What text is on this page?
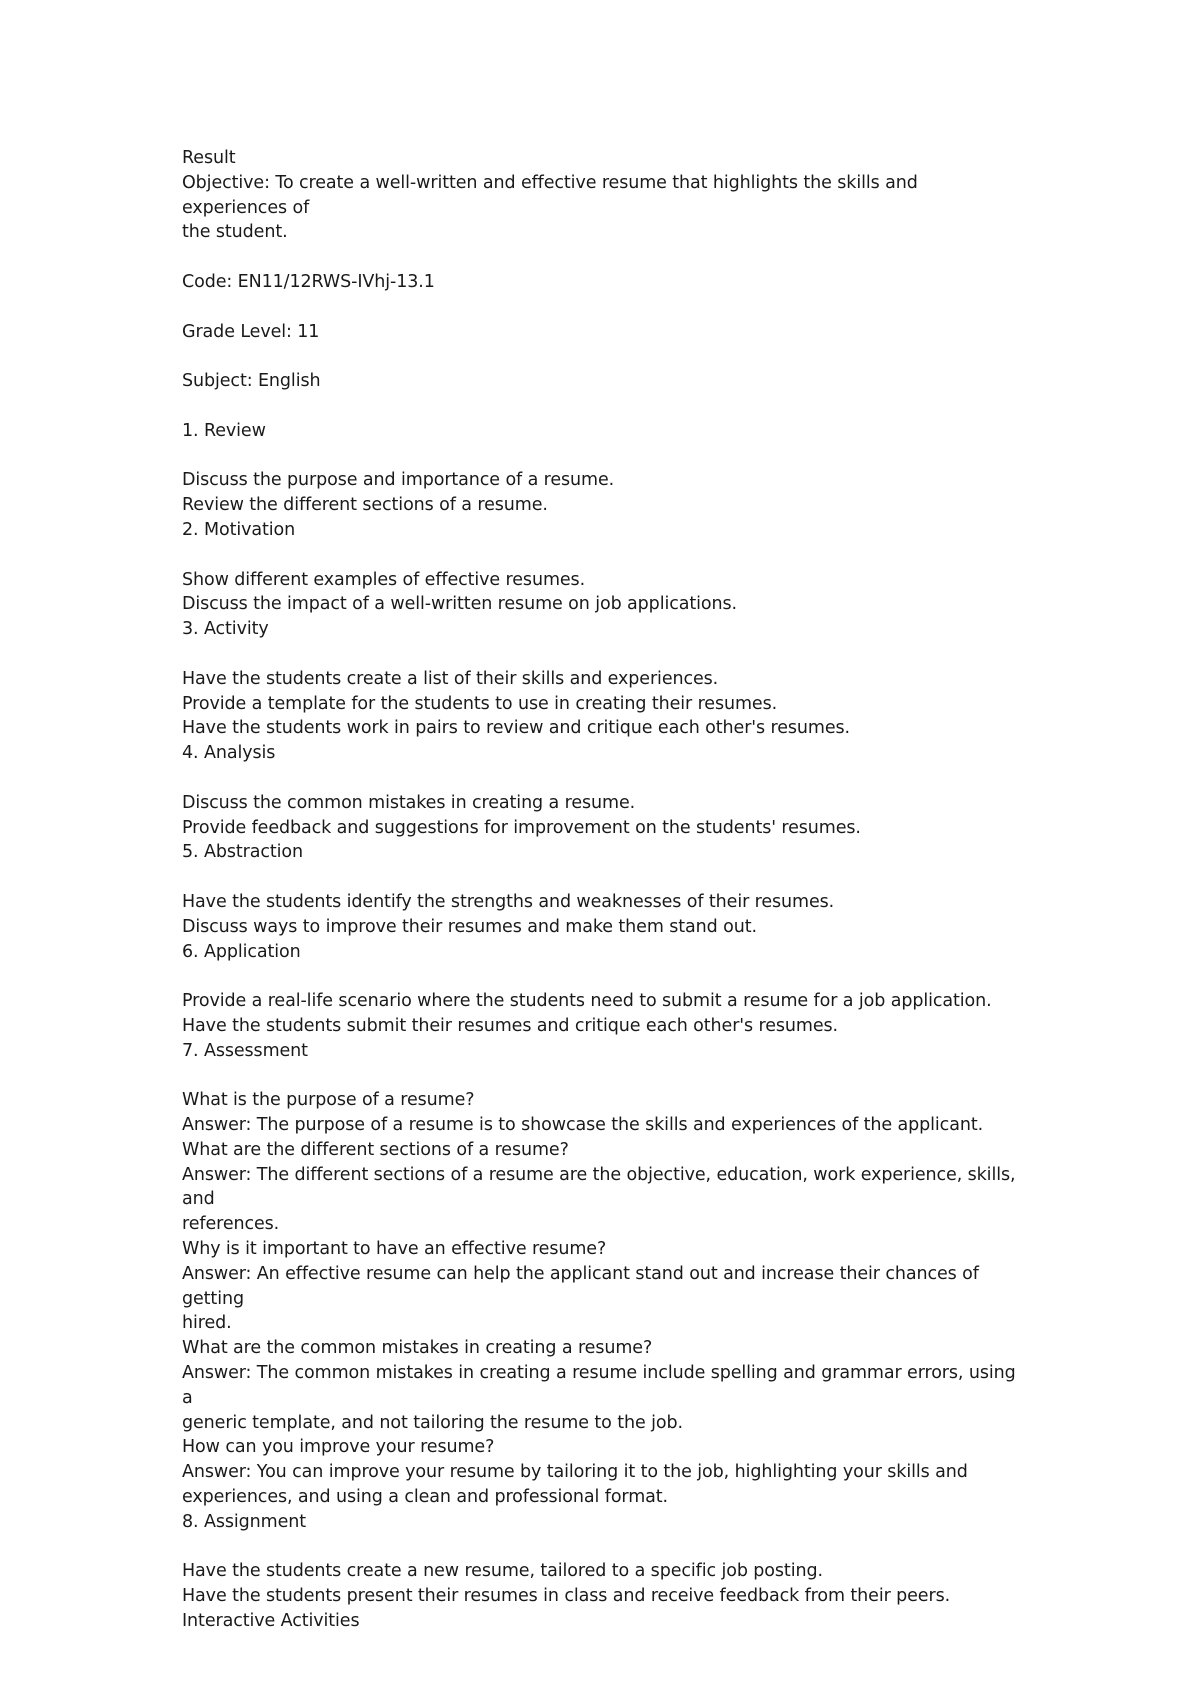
Result
Objective: To create a well-written and effective resume that highlights the skills and experiences of
the student.
Code: EN11/12RWS-IVhj-13.1
Grade Level: 11
Subject: English
1. Review
Discuss the purpose and importance of a resume.
Review the different sections of a resume.
2. Motivation
Show different examples of effective resumes.
Discuss the impact of a well-written resume on job applications.
3. Activity
Have the students create a list of their skills and experiences.
Provide a template for the students to use in creating their resumes.
Have the students work in pairs to review and critique each other's resumes.
4. Analysis
Discuss the common mistakes in creating a resume.
Provide feedback and suggestions for improvement on the students' resumes.
5. Abstraction
Have the students identify the strengths and weaknesses of their resumes.
Discuss ways to improve their resumes and make them stand out.
6. Application
Provide a real-life scenario where the students need to submit a resume for a job application.
Have the students submit their resumes and critique each other's resumes.
7. Assessment
What is the purpose of a resume?
Answer: The purpose of a resume is to showcase the skills and experiences of the applicant.
What are the different sections of a resume?
Answer: The different sections of a resume are the objective, education, work experience, skills, and
references.
Why is it important to have an effective resume?
Answer: An effective resume can help the applicant stand out and increase their chances of getting
hired.
What are the common mistakes in creating a resume?
Answer: The common mistakes in creating a resume include spelling and grammar errors, using a
generic template, and not tailoring the resume to the job.
How can you improve your resume?
Answer: You can improve your resume by tailoring it to the job, highlighting your skills and
experiences, and using a clean and professional format.
8. Assignment
Have the students create a new resume, tailored to a specific job posting.
Have the students present their resumes in class and receive feedback from their peers.
Interactive Activities
